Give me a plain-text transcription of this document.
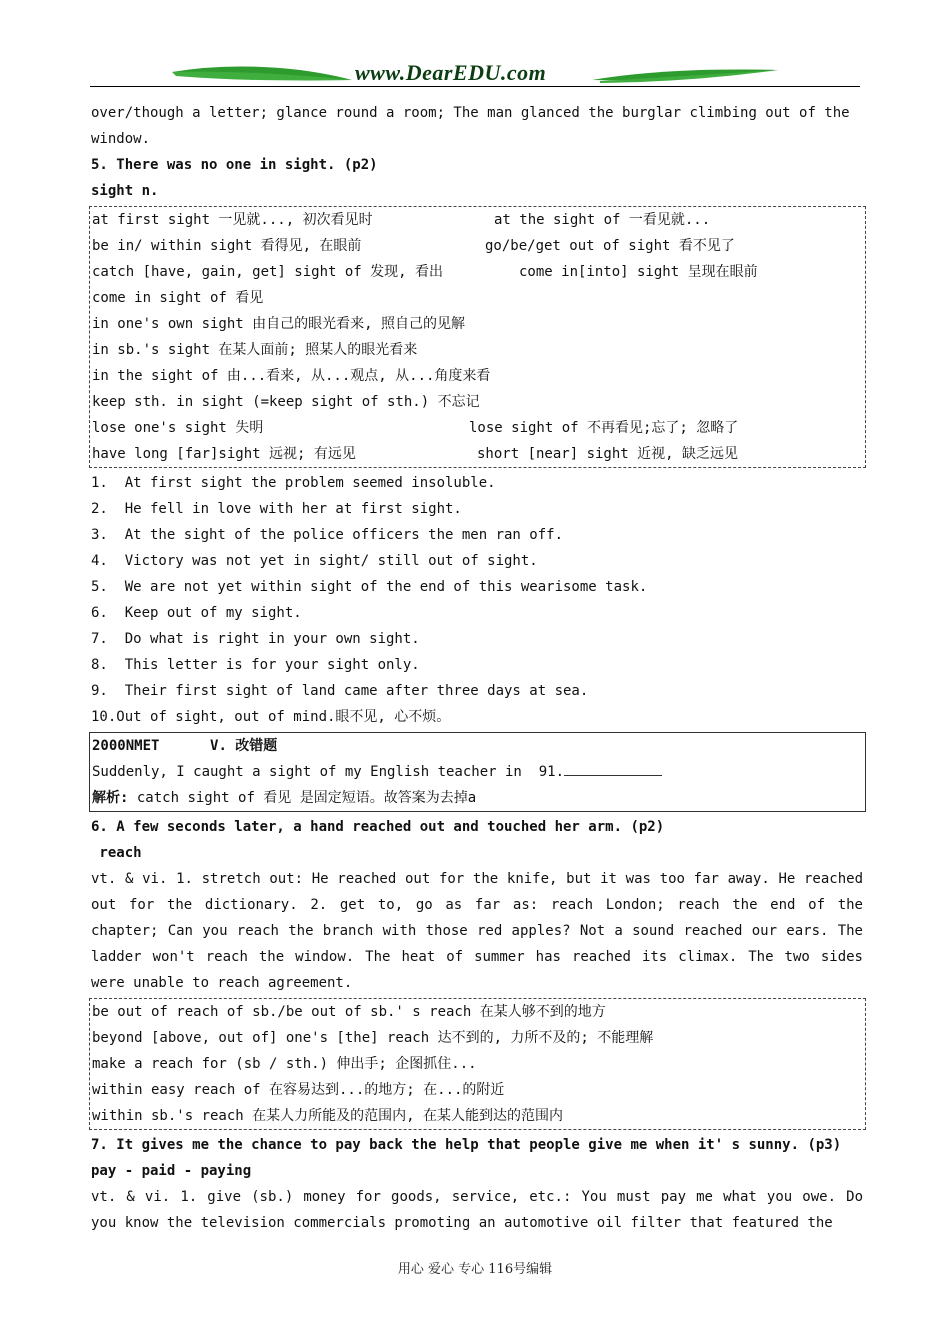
www.DearEDU.com
over/though a letter; glance round a room; The man glanced the burglar climbing out of the
window.
5. There was no one in sight. (p2)
sight n.
at first sight 一见就..., 初次看见时	at the sight of 一看见就...
be in/ within sight 看得见, 在眼前	go/be/get out of sight 看不见了
catch [have, gain, get] sight of 发现, 看出	come in[into] sight 呈现在眼前
come in sight of 看见
in one's own sight 由自己的眼光看来, 照自己的见解
in sb.'s sight 在某人面前; 照某人的眼光看来
in the sight of 由...看来, 从...观点, 从...角度来看
keep sth. in sight (=keep sight of sth.) 不忘记
lose one's sight 失明	lose sight of 不再看见;忘了; 忽略了
have long [far]sight 远视; 有远见	short [near] sight 近视, 缺乏远见
1.  At first sight the problem seemed insoluble.
2.  He fell in love with her at first sight.
3.  At the sight of the police officers the men ran off.
4.  Victory was not yet in sight/ still out of sight.
5.  We are not yet within sight of the end of this wearisome task.
6.  Keep out of my sight.
7.  Do what is right in your own sight.
8.  This letter is for your sight only.
9.  Their first sight of land came after three days at sea.
10.Out of sight, out of mind.眼不见, 心不烦。
2000NMET	V. 改错题
Suddenly, I caught a sight of my English teacher in  91.
解析: catch sight of 看见 是固定短语。故答案为去掉a
6. A few seconds later, a hand reached out and touched her arm. (p2)
reach
vt. & vi. 1. stretch out: He reached out for the knife, but it was too far away. He reached out for the dictionary. 2. get to, go as far as: reach London; reach the end of the chapter; Can you reach the branch with those red apples? Not a sound reached our ears. The ladder won't reach the window. The heat of summer has reached its climax. The two sides were unable to reach agreement.
be out of reach of sb./be out of sb.' s reach 在某人够不到的地方
beyond [above, out of] one's [the] reach 达不到的, 力所不及的; 不能理解
make a reach for (sb / sth.) 伸出手; 企图抓住...
within easy reach of 在容易达到...的地方; 在...的附近
within sb.'s reach 在某人力所能及的范围内, 在某人能到达的范围内
7. It gives me the chance to pay back the help that people give me when it' s sunny. (p3)
pay - paid - paying
vt. & vi. 1. give (sb.) money for goods, service, etc.: You must pay me what you owe. Do you know the television commercials promoting an automotive oil filter that featured the
用心 爱心 专心 116号编辑
